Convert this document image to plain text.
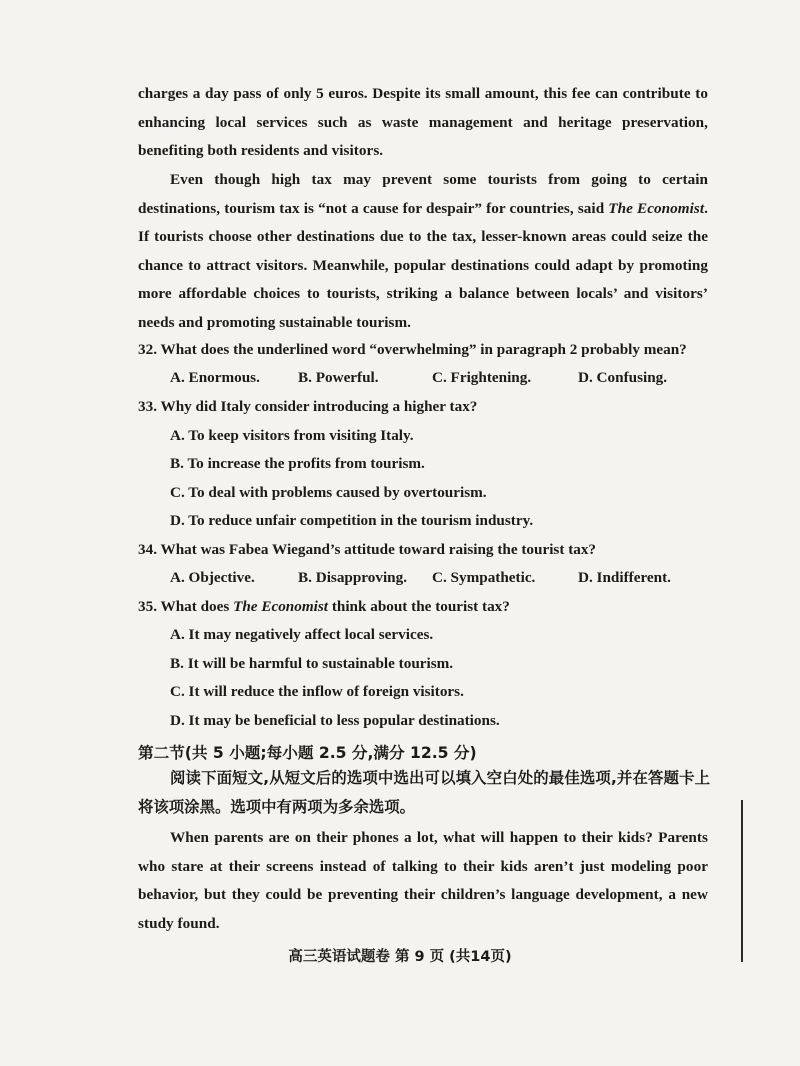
charges a day pass of only 5 euros. Despite its small amount, this fee can contribute to enhancing local services such as waste management and heritage preservation, benefiting both residents and visitors.
Even though high tax may prevent some tourists from going to certain destinations, tourism tax is “not a cause for despair” for countries, said The Economist. If tourists choose other destinations due to the tax, lesser-known areas could seize the chance to attract visitors. Meanwhile, popular destinations could adapt by promoting more affordable choices to tourists, striking a balance between locals’ and visitors’ needs and promoting sustainable tourism.
32. What does the underlined word “overwhelming” in paragraph 2 probably mean?
A. Enormous.	B. Powerful.	C. Frightening.	D. Confusing.
33. Why did Italy consider introducing a higher tax?
A. To keep visitors from visiting Italy.
B. To increase the profits from tourism.
C. To deal with problems caused by overtourism.
D. To reduce unfair competition in the tourism industry.
34. What was Fabea Wiegand’s attitude toward raising the tourist tax?
A. Objective.	B. Disapproving. C. Sympathetic.	D. Indifferent.
35. What does The Economist think about the tourist tax?
A. It may negatively affect local services.
B. It will be harmful to sustainable tourism.
C. It will reduce the inflow of foreign visitors.
D. It may be beneficial to less popular destinations.
第二节(共 5 小题;每小题 2.5 分,满分 12.5 分)
阅读下面短文,从短文后的选项中选出可以填入空白处的最佳选项,并在答题卡上将该项涂黑。选项中有两项为多余选项。
When parents are on their phones a lot, what will happen to their kids? Parents who stare at their screens instead of talking to their kids aren’t just modeling poor behavior, but they could be preventing their children’s language development, a new study found.
高三英语试题卷 第 9 页 (共14页)
